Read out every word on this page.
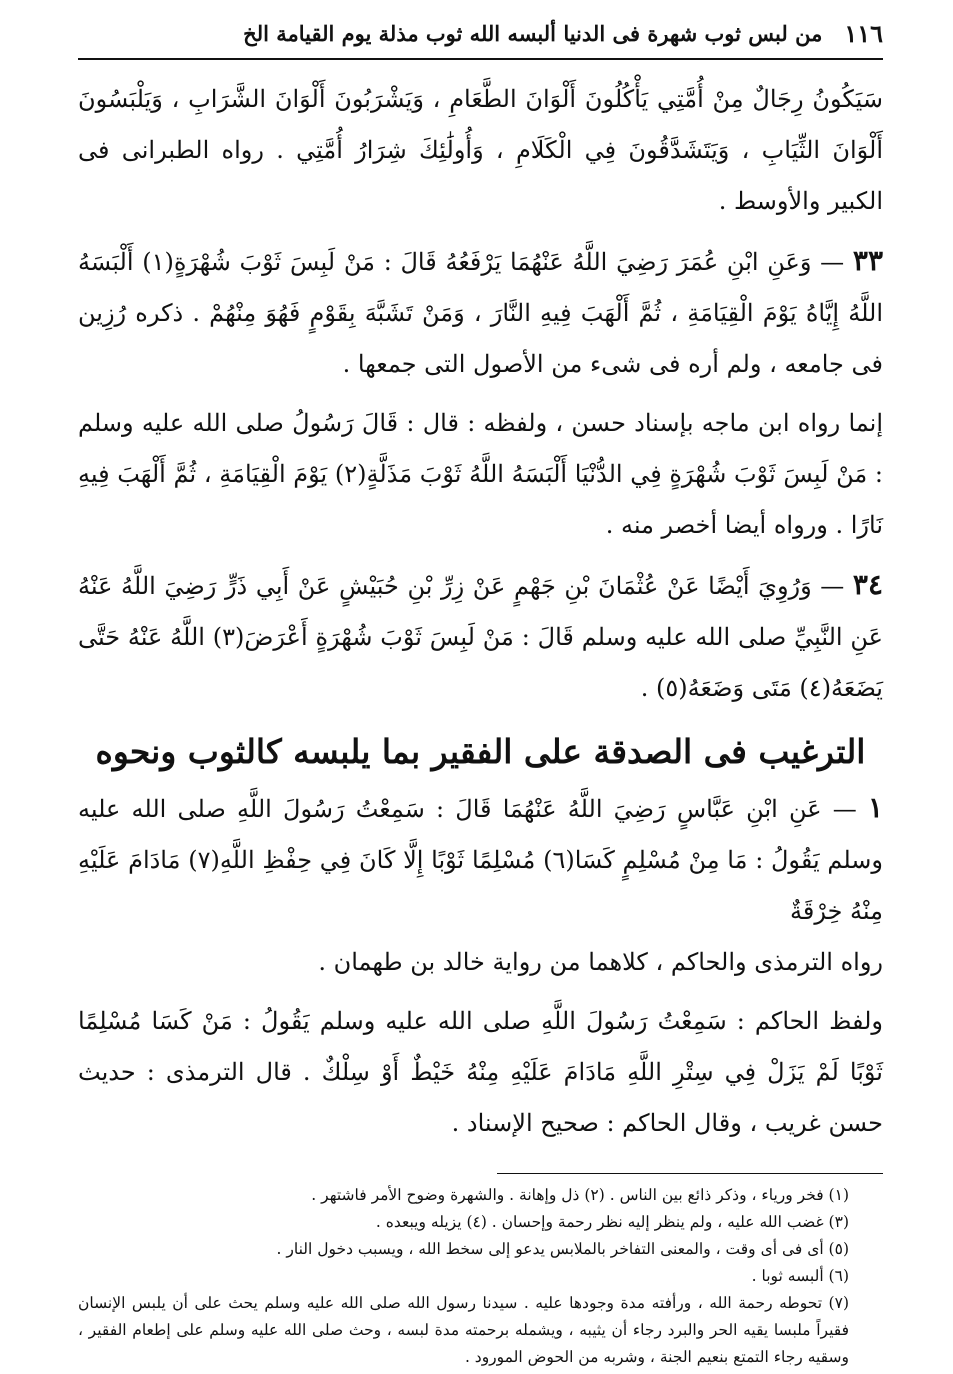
١١٦
من لبس ثوب شهرة فى الدنيا ألبسه الله ثوب مذلة يوم القيامة الخ

سَيَكُونُ رِجَالٌ مِنْ أُمَّتِي يَأْكُلُونَ أَلْوَانَ الطَّعَامِ ، وَيَشْرَبُونَ أَلْوَانَ الشَّرَابِ ، وَيَلْبَسُونَ أَلْوَانَ الثِّيَابِ ، وَيَتَشَدَّقُونَ فِي الْكَلَامِ ، وَأُولَٰئِكَ شِرَارُ أُمَّتِي . رواه الطبرانى فى الكبير والأوسط .

٣٣ — وَعَنِ ابْنِ عُمَرَ رَضِيَ اللَّهُ عَنْهُمَا يَرْفَعُهُ قَالَ : مَنْ لَبِسَ ثَوْبَ شُهْرَةٍ(١) أَلْبَسَهُ اللَّهُ إِيَّاهُ يَوْمَ الْقِيَامَةِ ، ثُمَّ أَلْهَبَ فِيهِ النَّارَ ، وَمَنْ تَشَبَّهَ بِقَوْمٍ فَهُوَ مِنْهُمْ . ذكره رُزِين فى جامعه ، ولم أره فى شىء من الأصول التى جمعها .

إنما رواه ابن ماجه بإسناد حسن ، ولفظه : قال : قَالَ رَسُولُ صلى الله عليه وسلم : مَنْ لَبِسَ ثَوْبَ شُهْرَةٍ فِي الدُّنْيَا أَلْبَسَهُ اللَّهُ ثَوْبَ مَذَلَّةٍ(٢) يَوْمَ الْقِيَامَةِ ، ثُمَّ أَلْهَبَ فِيهِ نَارًا . ورواه أيضا أخصر منه .

٣٤ — وَرُوِيَ أَيْضًا عَنْ عُثْمَانَ بْنِ جَهْمٍ عَنْ زِرِّ بْنِ حُبَيْشٍ عَنْ أَبِي ذَرٍّ رَضِيَ اللَّهُ عَنْهُ عَنِ النَّبِيِّ صلى الله عليه وسلم قَالَ : مَنْ لَبِسَ ثَوْبَ شُهْرَةٍ أَعْرَضَ(٣) اللَّهُ عَنْهُ حَتَّى يَضَعَهُ(٤) مَتَى وَضَعَهُ(٥) .

الترغيب فى الصدقة على الفقير بما يلبسه كالثوب ونحوه

١ — عَنِ ابْنِ عَبَّاسٍ رَضِيَ اللَّهُ عَنْهُمَا قَالَ : سَمِعْتُ رَسُولَ اللَّهِ صلى الله عليه وسلم يَقُولُ : مَا مِنْ مُسْلِمٍ كَسَا(٦) مُسْلِمًا ثَوْبًا إِلَّا كَانَ فِي حِفْظِ اللَّهِ(٧) مَادَامَ عَلَيْهِ مِنْهُ خِرْقَةٌ

رواه الترمذى والحاكم ، كلاهما من رواية خالد بن طهمان .

ولفظ الحاكم : سَمِعْتُ رَسُولَ اللَّهِ صلى الله عليه وسلم يَقُولُ : مَنْ كَسَا مُسْلِمًا ثَوْبًا لَمْ يَزَلْ فِي سِتْرِ اللَّهِ مَادَامَ عَلَيْهِ مِنْهُ خَيْطٌ أَوْ سِلْكٌ . قال الترمذى : حديث حسن غريب ، وقال الحاكم : صحيح الإسناد .

(١) فخر ورياء ، وذكر ذائع بين الناس . (٢) ذل وإهانة . والشهرة وضوح الأمر فاشتهر .

(٣) غضب الله عليه ، ولم ينظر إليه نظر رحمة وإحسان . (٤) يزيله ويبعده .

(٥) أى فى أى وقت ، والمعنى التفاخر بالملابس يدعو إلى سخط الله ، ويسبب دخول النار .

(٦) ألبسه ثوبا .

(٧) تحوطه رحمة الله ، ورأفته مدة وجودها عليه . سيدنا رسول الله صلى الله عليه وسلم يحث على أن يلبس الإنسان فقيراً ملبسا يقيه الحر والبرد رجاء أن يثيبه ، ويشمله برحمته مدة لبسه ، وحث صلى الله عليه وسلم على إطعام الفقير ، وسقيه رجاء التمتع بنعيم الجنة ، وشربه من الحوض المورود .
